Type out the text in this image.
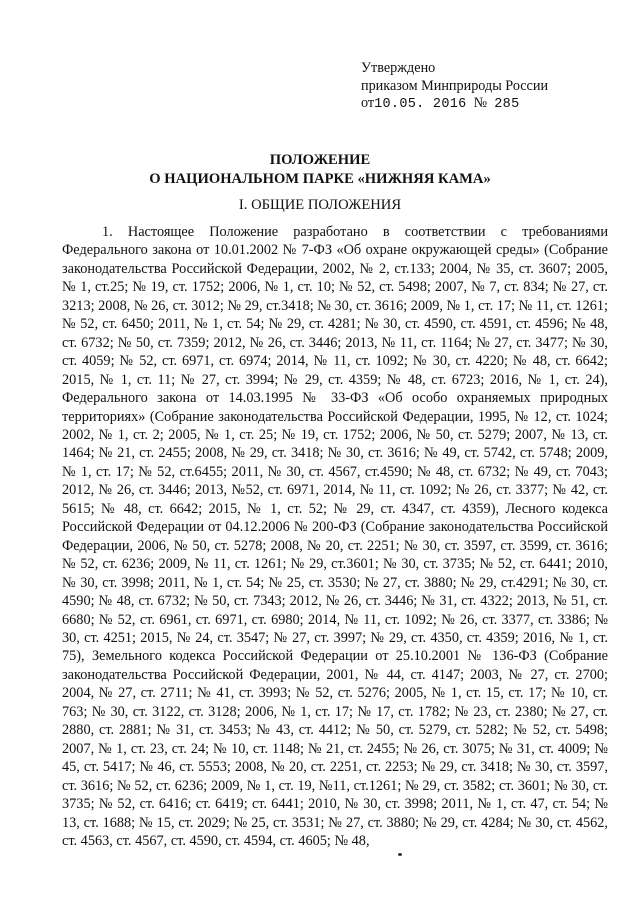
Утверждено
приказом Минприроды России
от10.05. 2016 № 285
ПОЛОЖЕНИЕ
О НАЦИОНАЛЬНОМ ПАРКЕ «НИЖНЯЯ КАМА»
I. ОБЩИЕ ПОЛОЖЕНИЯ

1. Настоящее Положение разработано в соответствии с требованиями Федерального закона от 10.01.2002 № 7-ФЗ «Об охране окружающей среды» (Собрание законодательства Российской Федерации, 2002, № 2, ст.133; 2004, № 35, ст. 3607; 2005, № 1, ст.25; № 19, ст. 1752; 2006, № 1, ст. 10; № 52, ст. 5498; 2007, № 7, ст. 834; № 27, ст. 3213; 2008, № 26, ст. 3012; № 29, ст.3418; № 30, ст. 3616; 2009, № 1, ст. 17; № 11, ст. 1261; № 52, ст. 6450; 2011, № 1, ст. 54; № 29, ст. 4281; № 30, ст. 4590, ст. 4591, ст. 4596; № 48, ст. 6732; № 50, ст. 7359; 2012, № 26, ст. 3446; 2013, № 11, ст. 1164; № 27, ст. 3477; № 30, ст. 4059; № 52, ст. 6971, ст. 6974; 2014, № 11, ст. 1092; № 30, ст. 4220; № 48, ст. 6642; 2015, № 1, ст. 11; № 27, ст. 3994; № 29, ст. 4359; № 48, ст. 6723; 2016, № 1, ст. 24), Федерального закона от 14.03.1995 № 33-ФЗ «Об особо охраняемых природных территориях» (Собрание законодательства Российской Федерации, 1995, № 12, ст. 1024; 2002, № 1, ст. 2; 2005, № 1, ст. 25; № 19, ст. 1752; 2006, № 50, ст. 5279; 2007, № 13, ст. 1464; № 21, ст. 2455; 2008, № 29, ст. 3418; № 30, ст. 3616; № 49, ст. 5742, ст. 5748; 2009, № 1, ст. 17; № 52, ст.6455; 2011, № 30, ст. 4567, ст.4590; № 48, ст. 6732; № 49, ст. 7043; 2012, № 26, ст. 3446; 2013, №52, ст. 6971, 2014, № 11, ст. 1092; № 26, ст. 3377; № 42, ст. 5615; № 48, ст. 6642; 2015, № 1, ст. 52; № 29, ст. 4347, ст. 4359), Лесного кодекса Российской Федерации от 04.12.2006 № 200-ФЗ (Собрание законодательства Российской Федерации, 2006, № 50, ст. 5278; 2008, № 20, ст. 2251; № 30, ст. 3597, ст. 3599, ст. 3616; № 52, ст. 6236; 2009, № 11, ст. 1261; № 29, ст.3601; № 30, ст. 3735; № 52, ст. 6441; 2010, № 30, ст. 3998; 2011, № 1, ст. 54; № 25, ст. 3530; № 27, ст. 3880; № 29, ст.4291; № 30, ст. 4590; № 48, ст. 6732; № 50, ст. 7343; 2012, № 26, ст. 3446; № 31, ст. 4322; 2013, № 51, ст. 6680; № 52, ст. 6961, ст. 6971, ст. 6980; 2014, № 11, ст. 1092; № 26, ст. 3377, ст. 3386; № 30, ст. 4251; 2015, № 24, ст. 3547; № 27, ст. 3997; № 29, ст. 4350, ст. 4359; 2016, № 1, ст. 75), Земельного кодекса Российской Федерации от 25.10.2001 № 136-ФЗ (Собрание законодательства Российской Федерации, 2001, № 44, ст. 4147; 2003, № 27, ст. 2700; 2004, № 27, ст. 2711; № 41, ст. 3993; № 52, ст. 5276; 2005, № 1, ст. 15, ст. 17; № 10, ст. 763; № 30, ст. 3122, ст. 3128; 2006, № 1, ст. 17; № 17, ст. 1782; № 23, ст. 2380; № 27, ст. 2880, ст. 2881; № 31, ст. 3453; № 43, ст. 4412; № 50, ст. 5279, ст. 5282; № 52, ст. 5498; 2007, № 1, ст. 23, ст. 24; № 10, ст. 1148; № 21, ст. 2455; № 26, ст. 3075; № 31, ст. 4009; № 45, ст. 5417; № 46, ст. 5553; 2008, № 20, ст. 2251, ст. 2253; № 29, ст. 3418; № 30, ст. 3597, ст. 3616; № 52, ст. 6236; 2009, № 1, ст. 19, №11, ст.1261; № 29, ст. 3582; ст. 3601; № 30, ст. 3735; № 52, ст. 6416; ст. 6419; ст. 6441; 2010, № 30, ст. 3998; 2011, № 1, ст. 47, ст. 54; № 13, ст. 1688; № 15, ст. 2029; № 25, ст. 3531; № 27, ст. 3880; № 29, ст. 4284; № 30, ст. 4562, ст. 4563, ст. 4567, ст. 4590, ст. 4594, ст. 4605; № 48,
